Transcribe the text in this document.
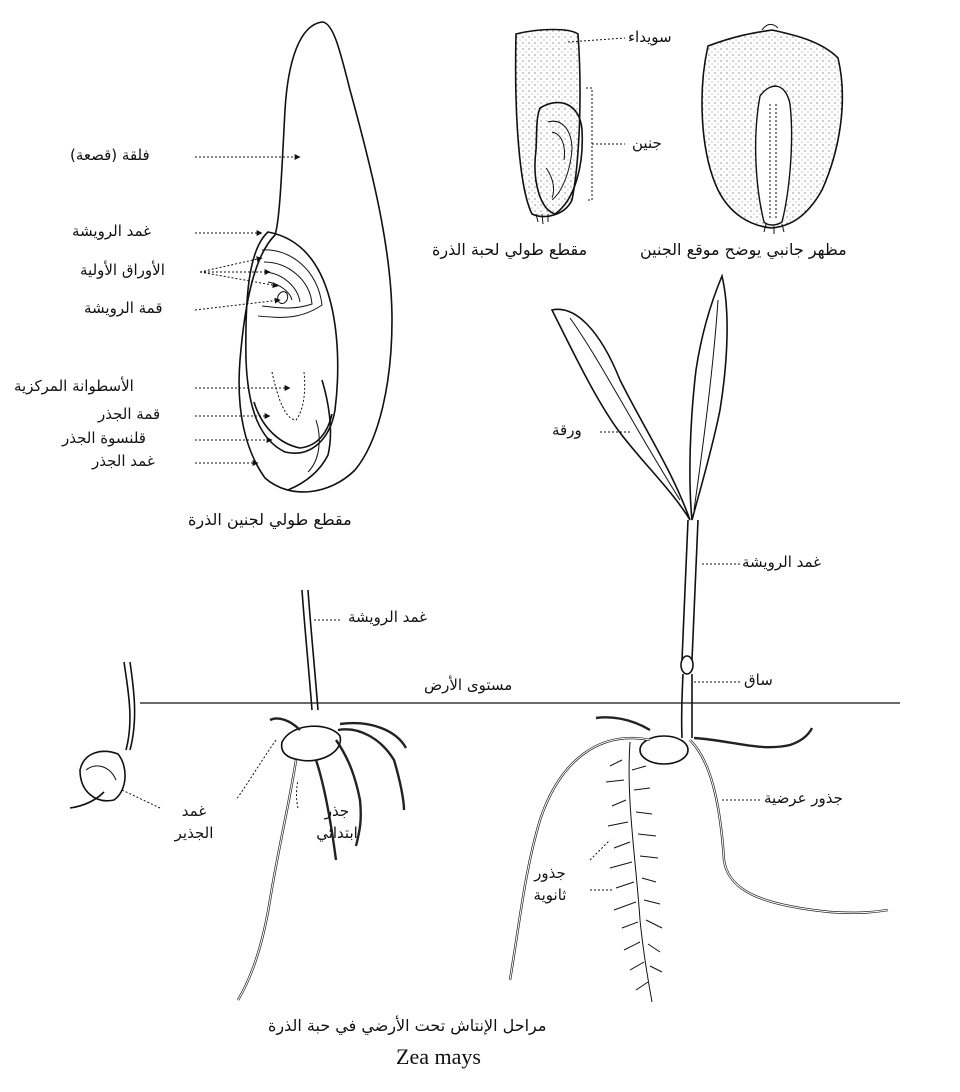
فلقة (قصعة)
غمد الرويشة
الأوراق الأولية
قمة الرويشة
الأسطوانة المركزية
قمة الجذر
قلنسوة الجذر
غمد الجذر
مقطع طولي لجنين الذرة
سويداء
جنين
مقطع طولي لحبة الذرة	مظهر جانبي يوضح موقع الجنين
ورقة
غمد الرويشة
ساق
جذور عرضية
جذور ثانوية
مستوى الأرض
غمد الجذير
غمد الرويشة
جذر ابتدائي
مراحل الإنتاش تحت الأرضي في حبة الذرة
Zea mays
